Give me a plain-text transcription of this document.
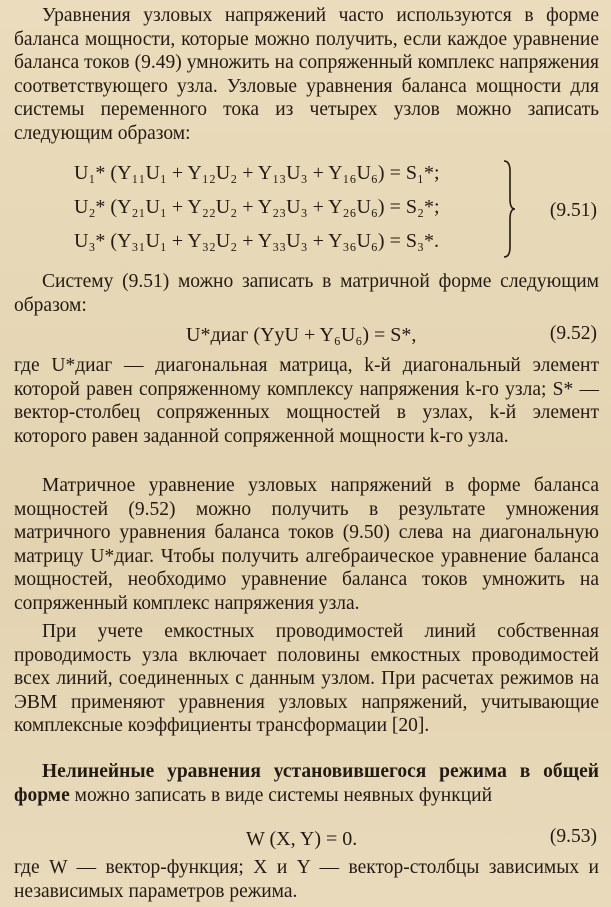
Уравнения узловых напряжений часто используются в форме баланса мощности, которые можно получить, если каждое уравнение баланса токов (9.49) умножить на сопряженный комплекс напряжения соответствующего узла. Узловые уравнения баланса мощности для системы переменного тока из четырех узлов можно записать следующим образом:
U₁* (Y₁₁U₁ + Y₁₂U₂ + Y₁₃U₃ + Y₁₆U₆) = S₁*;
U₂* (Y₂₁U₁ + Y₂₂U₂ + Y₂₃U₃ + Y₂₆U₆) = S₂*;
U₃* (Y₃₁U₁ + Y₃₂U₂ + Y₃₃U₃ + Y₃₆U₆) = S₃*.
(9.51)
Систему (9.51) можно записать в матричной форме следующим образом:
U*диаг (YуU + Y₆U₆) = S*,	(9.52)
где U*диаг — диагональная матрица, k-й диагональный элемент которой равен сопряженному комплексу напряжения k-го узла; S* — вектор-столбец сопряженных мощностей в узлах, k-й элемент которого равен заданной сопряженной мощности k-го узла.
Матричное уравнение узловых напряжений в форме баланса мощностей (9.52) можно получить в результате умножения матричного уравнения баланса токов (9.50) слева на диагональную матрицу U*диаг. Чтобы получить алгебраическое уравнение баланса мощностей, необходимо уравнение баланса токов умножить на сопряженный комплекс напряжения узла.
При учете емкостных проводимостей линий собственная проводимость узла включает половины емкостных проводимостей всех линий, соединенных с данным узлом. При расчетах режимов на ЭВМ применяют уравнения узловых напряжений, учитывающие комплексные коэффициенты трансформации [20].
Нелинейные уравнения установившегося режима в общей форме можно записать в виде системы неявных функций
W (X, Y) = 0.	(9.53)
где W — вектор-функция; X и Y — вектор-столбцы зависимых и независимых параметров режима.
